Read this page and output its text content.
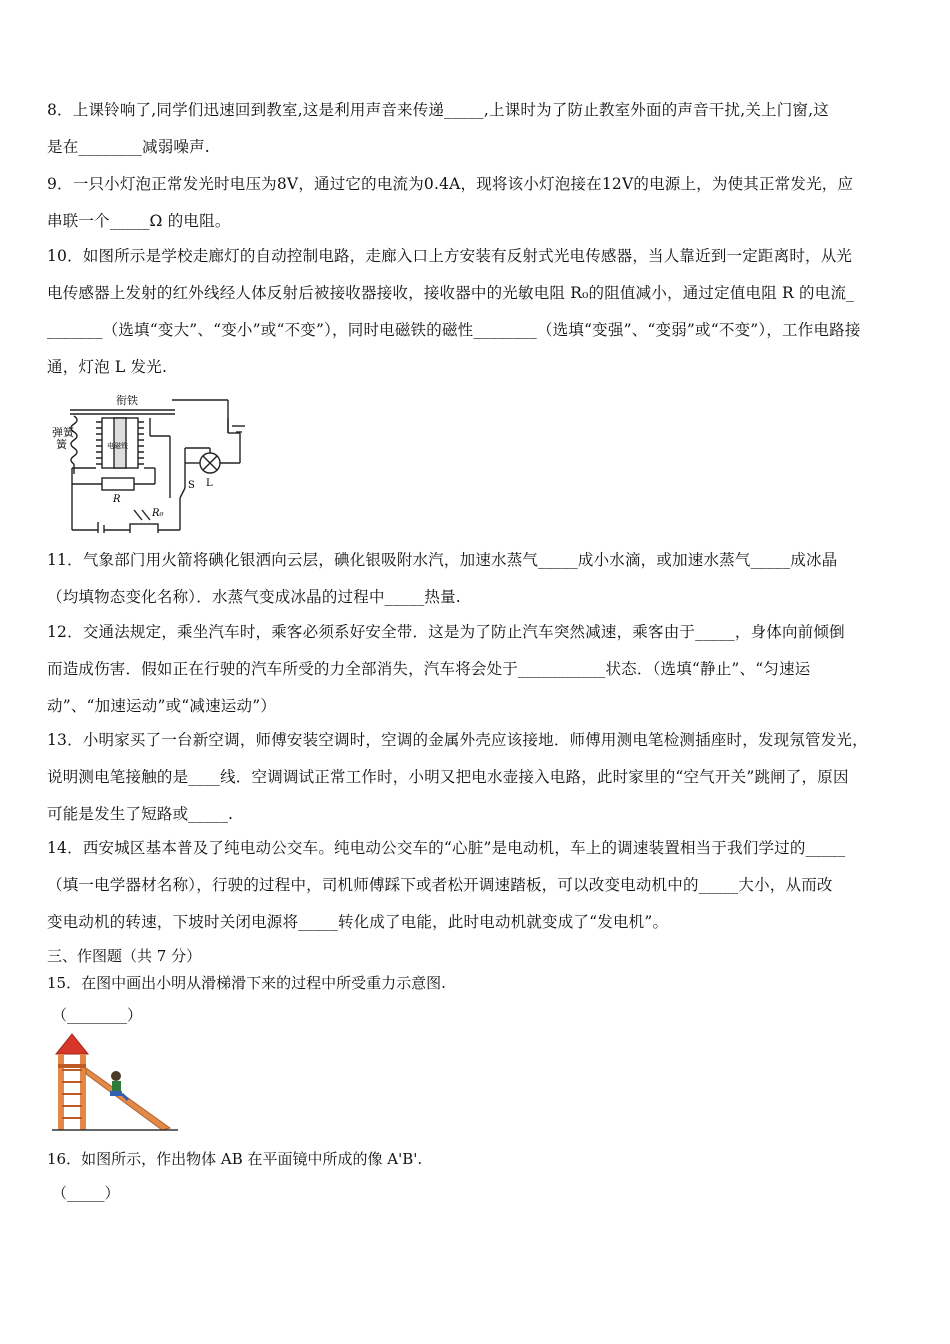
8．上课铃响了,同学们迅速回到教室,这是利用声音来传递_____,上课时为了防止教室外面的声音干扰,关上门窗,这
是在________减弱噪声.
9．一只小灯泡正常发光时电压为8V，通过它的电流为0.4A，现将该小灯泡接在12V的电源上，为使其正常发光，应
串联一个_____Ω 的电阻。
10．如图所示是学校走廊灯的自动控制电路，走廊入口上方安装有反射式光电传感器，当人靠近到一定距离时，从光
电传感器上发射的红外线经人体反射后被接收器接收，接收器中的光敏电阻 R₀的阻值减小，通过定值电阻 R 的电流_
_______（选填“变大”、“变小”或“不变”），同时电磁铁的磁性________（选填“变强”、“变弱”或“不变”），工作电路接
通，灯泡 L 发光.
衔铁
弹簧
簧	电磁铁
R
S L
R₀
11．气象部门用火箭将碘化银洒向云层，碘化银吸附水汽，加速水蒸气_____成小水滴，或加速水蒸气_____成冰晶
（均填物态变化名称）．水蒸气变成冰晶的过程中_____热量.
12．交通法规定，乘坐汽车时，乘客必须系好安全带．这是为了防止汽车突然减速，乘客由于_____，身体向前倾倒
而造成伤害．假如正在行驶的汽车所受的力全部消失，汽车将会处于___________状态．（选填“静止”、“匀速运
动”、“加速运动”或“减速运动”）
13．小明家买了一台新空调，师傅安装空调时，空调的金属外壳应该接地．师傅用测电笔检测插座时，发现氖管发光，
说明测电笔接触的是____线．空调调试正常工作时，小明又把电水壶接入电路，此时家里的“空气开关”跳闸了，原因
可能是发生了短路或_____.
14．西安城区基本普及了纯电动公交车。纯电动公交车的“心脏”是电动机，车上的调速装置相当于我们学过的_____
（填一电学器材名称），行驶的过程中，司机师傅踩下或者松开调速踏板，可以改变电动机中的_____大小，从而改
变电动机的转速，下坡时关闭电源将_____转化成了电能，此时电动机就变成了“发电机”。
三、作图题（共 7 分）
15．在图中画出小明从滑梯滑下来的过程中所受重力示意图.
（________）
16．如图所示，作出物体 AB 在平面镜中所成的像 A'B'.
（_____）
